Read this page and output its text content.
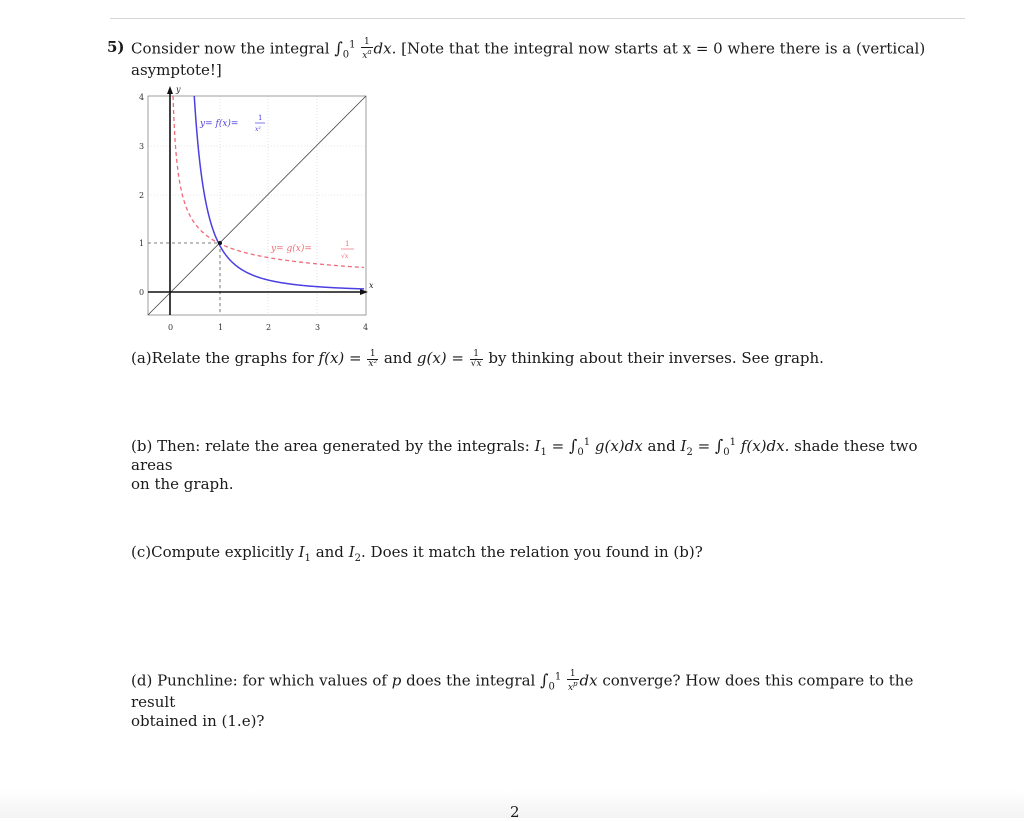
5) Consider now the integral $\int_0^1 \frac{1}{x^a}$ dx. [Note that the integral now starts at x = 0 where there is a (vertical)
asymptote!]
y
x
0	1	2	3	4
0
1
2
3
4
y= f(x)=
1
x²
y= g(x)=	1
√x
(a)Relate the graphs for $f(x) = \frac{1}{\text{x²}}$ and $g(x) = \frac{1}{√x}$ by thinking about their inverses. See graph.
(b) Then: relate the area generated by the integrals: $I_1 = \int_0^1$ g(x)dx and $I_2 = \int_0^1$ f(x)dx. shade these two areas
on the graph.
(c)Compute explicitly $I_1$ and $I_2$. Does it match the relation you found in (b)?
(d) Punchline: for which values of p does the integral $\int_0^1 \frac{1}{x^p}$ dx converge? How does this compare to the result
obtained in (1.e)?
2
